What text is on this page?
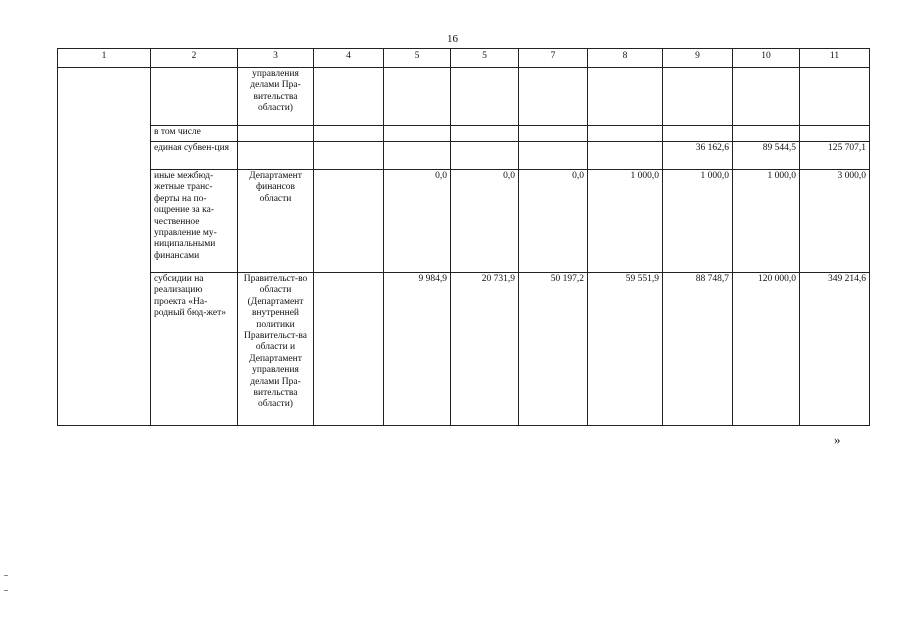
16
1	2	3	4	5	5	7	8	9	10	11
		управления делами Пра-вительства области)								
	в том числе									
	единая субвен-ция							36 162,6	89 544,5	125 707,1
	иные межбюд-жетные транс-ферты на по-ощрение за ка-чественное управление му-ниципальными финансами	Департамент финансов области		0,0	0,0	0,0	1 000,0	1 000,0	1 000,0	3 000,0
	субсидии на реализацию проекта «На-родный бюд-жет»	Правительст-во области (Департамент внутренней политики Правительст-ва области и Департамент управления делами Пра-вительства области)		9 984,9	20 731,9	50 197,2	59 551,9	88 748,7	120 000,0	349 214,6
»
